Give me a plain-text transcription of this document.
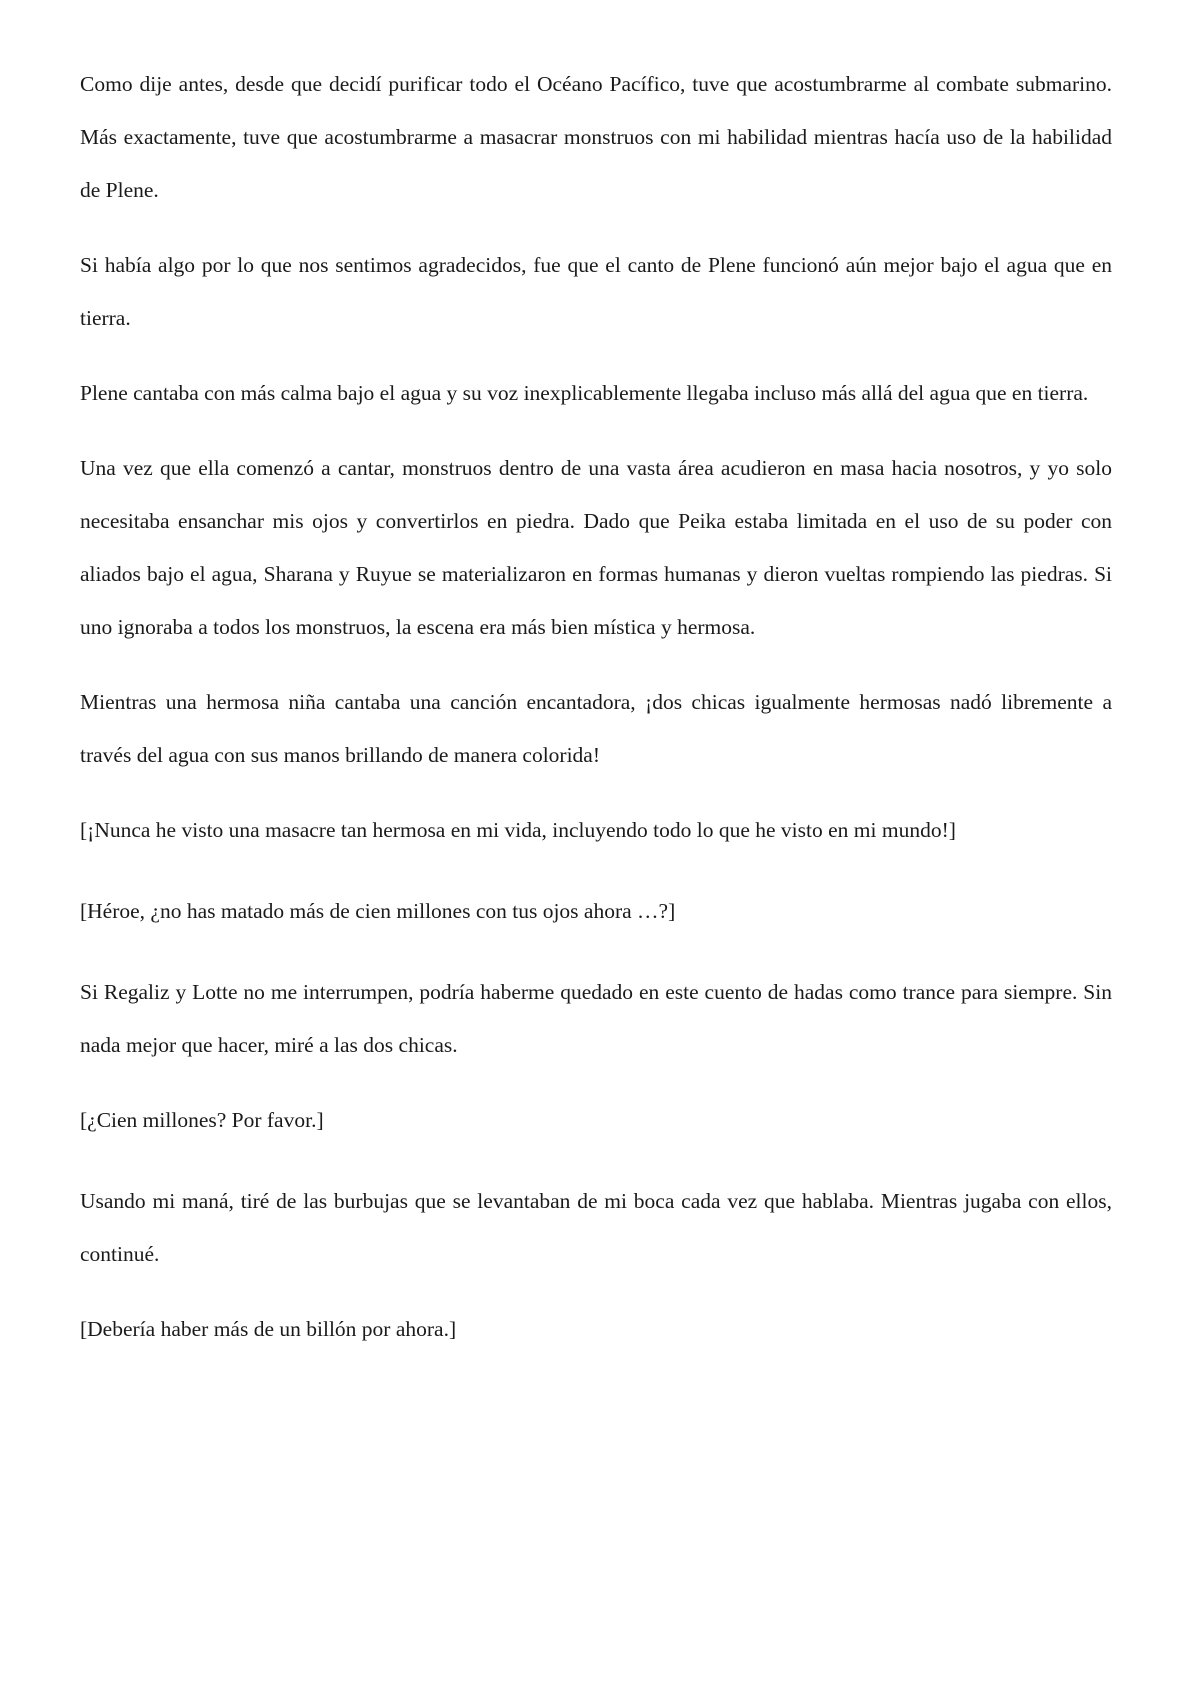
Como dije antes, desde que decidí purificar todo el Océano Pacífico, tuve que acostumbrarme al combate submarino. Más exactamente, tuve que acostumbrarme a masacrar monstruos con mi habilidad mientras hacía uso de la habilidad de Plene.

Si había algo por lo que nos sentimos agradecidos, fue que el canto de Plene funcionó aún mejor bajo el agua que en tierra.

Plene cantaba con más calma bajo el agua y su voz inexplicablemente llegaba incluso más allá del agua que en tierra.

Una vez que ella comenzó a cantar, monstruos dentro de una vasta área acudieron en masa hacia nosotros, y yo solo necesitaba ensanchar mis ojos y convertirlos en piedra. Dado que Peika estaba limitada en el uso de su poder con aliados bajo el agua, Sharana y Ruyue se materializaron en formas humanas y dieron vueltas rompiendo las piedras. Si uno ignoraba a todos los monstruos, la escena era más bien mística y hermosa.

Mientras una hermosa niña cantaba una canción encantadora, ¡dos chicas igualmente hermosas nadó libremente a través del agua con sus manos brillando de manera colorida!

[¡Nunca he visto una masacre tan hermosa en mi vida, incluyendo todo lo que he visto en mi mundo!]

[Héroe, ¿no has matado más de cien millones con tus ojos ahora …?]

Si Regaliz y Lotte no me interrumpen, podría haberme quedado en este cuento de hadas como trance para siempre. Sin nada mejor que hacer, miré a las dos chicas.

[¿Cien millones? Por favor.]

Usando mi maná, tiré de las burbujas que se levantaban de mi boca cada vez que hablaba. Mientras jugaba con ellos, continué.

[Debería haber más de un billón por ahora.]
